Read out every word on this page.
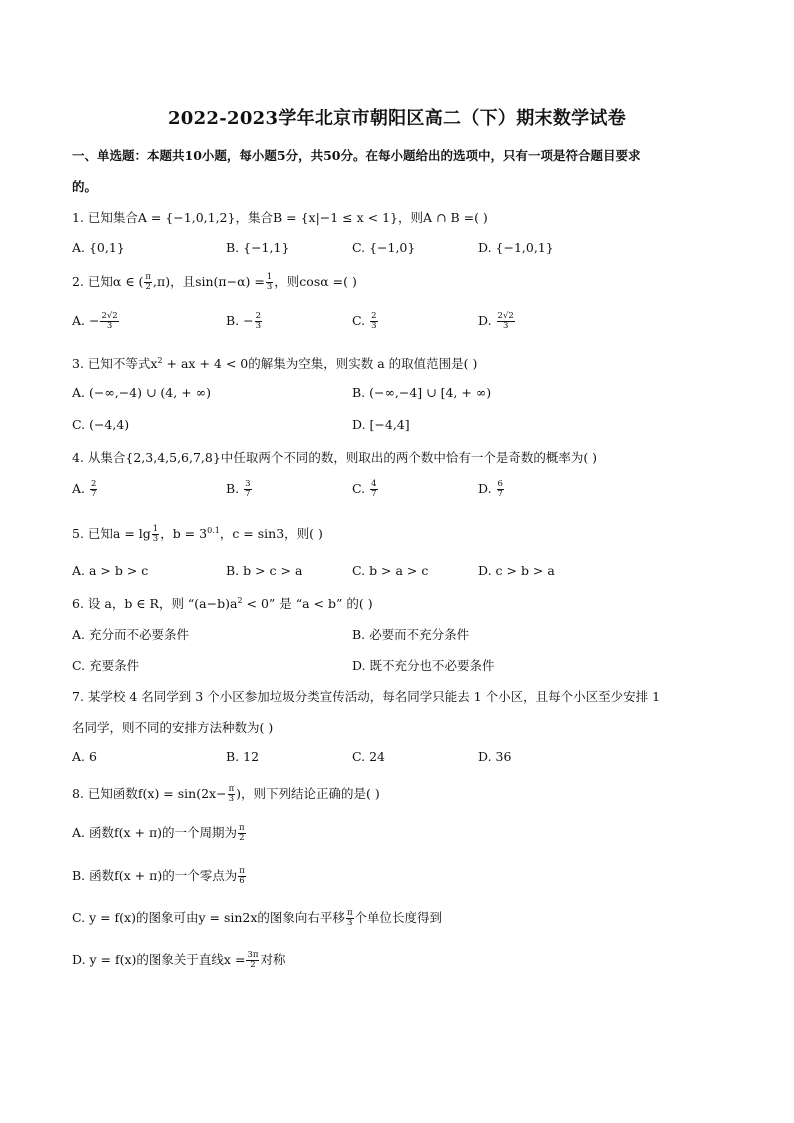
2022-2023学年北京市朝阳区高二（下）期末数学试卷
一、单选题：本题共10小题，每小题5分，共50分。在每小题给出的选项中，只有一项是符合题目要求
的。
1. 已知集合A = {−1,0,1,2}，集合B = {x|−1 ≤ x < 1}，则A ∩ B =( )
A. {0,1}	B. {−1,1}	C. {−1,0}	D. {−1,0,1}
2. 已知α ∈ ( $\frac{\pi}{2} ,\pi$)，且$\sin(\pi-\alpha) = \frac{1}{3}$ ，则cosα =( )
A. − $\frac{2√2}{3}$	B. − $\frac{2}{3}$	C. $\frac{2}{3}$	D. $\frac{2√2}{3}$
3. 已知不等式$x^2$ + ax + 4 < 0的解集为空集，则实数 a 的取值范围是( )
A. (−∞,−4) ∪ (4, + ∞)	B. (−∞,−4] ∪ [4, + ∞)
C. (−4,4)	D. [−4,4]
4. 从集合{2,3,4,5,6,7,8}中任取两个不同的数，则取出的两个数中恰有一个是奇数的概率为( )
A. $\frac{2}{7}$	B. $\frac{3}{7}$	C. $\frac{4}{7}$	D. $\frac{6}{7}$
5. 已知$a = \lg \frac{1}{3}$ ，$b = 3^{0.1}$，c = sin3，则( )
A. a > b > c	B. b > c > a	C. b > a > c	D. c > b > a
6. 设 a，b ∈ R，则 “$(a-b)a^2 < 0$” 是 “a < b” 的( )
A. 充分而不必要条件	B. 必要而不充分条件
C. 充要条件	D. 既不充分也不必要条件
7. 某学校 4 名同学到 3 个小区参加垃圾分类宣传活动，每名同学只能去 1 个小区，且每个小区至少安排 1
名同学，则不同的安排方法种数为( )
A. 6	B. 12	C. 24	D. 36
8. 已知函数$f(x) = \sin(2x- \frac{\pi}{3}$ )，则下列结论正确的是( )
A. 函数f(x + π)的一个周期为 $\frac{\pi}{2}$
B. 函数f(x + π)的一个零点为 $\frac{\pi}{6}$
C. y = f(x)的图象可由y = sin2x的图象向右平移 $\frac{\pi}{3}$ 个单位长度得到
D. y = f(x)的图象关于直线$x = \frac{3\pi}{2}$ 对称
